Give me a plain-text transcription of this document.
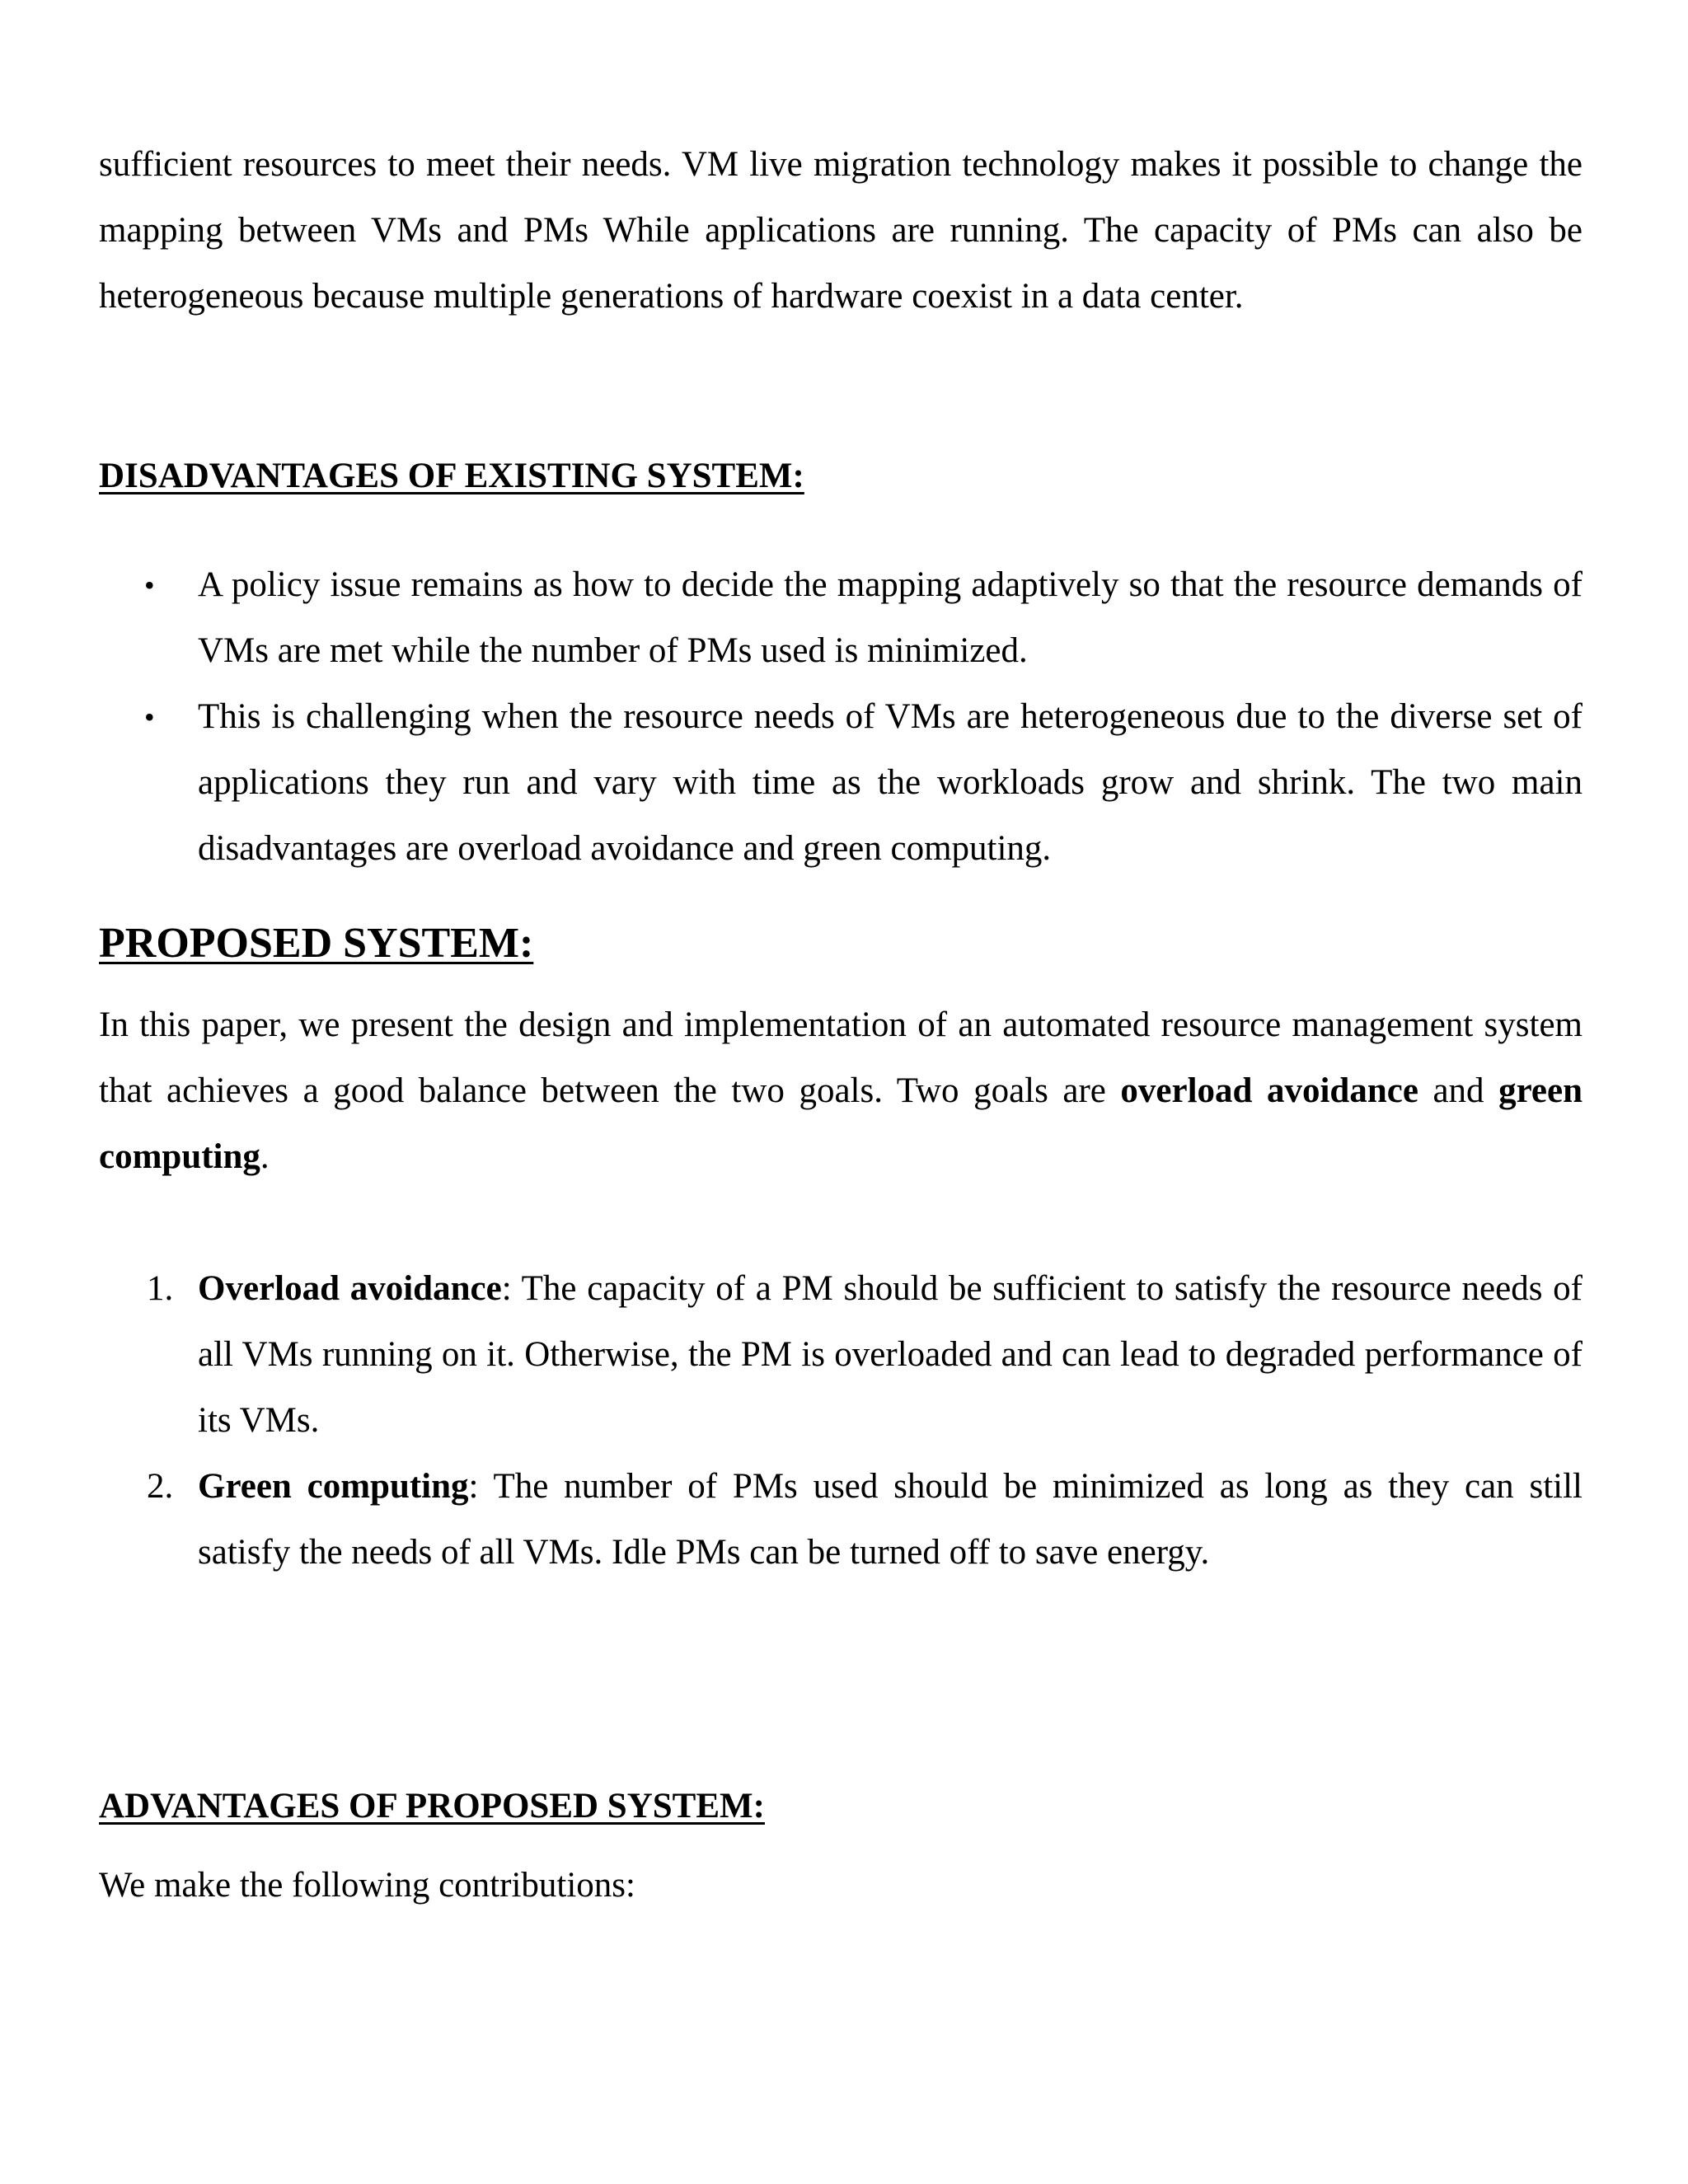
sufficient resources to meet their needs. VM live migration technology makes it possible to change the mapping between VMs and PMs While applications are running. The capacity of PMs can also be heterogeneous because multiple generations of hardware coexist in a data center.

DISADVANTAGES OF EXISTING SYSTEM:
• A policy issue remains as how to decide the mapping adaptively so that the resource demands of VMs are met while the number of PMs used is minimized.
• This is challenging when the resource needs of VMs are heterogeneous due to the diverse set of applications they run and vary with time as the workloads grow and shrink. The two main disadvantages are overload avoidance and green computing.
PROPOSED SYSTEM:

In this paper, we present the design and implementation of an automated resource management system that achieves a good balance between the two goals. Two goals are overload avoidance and green computing.

1. Overload avoidance: The capacity of a PM should be sufficient to satisfy the resource needs of all VMs running on it. Otherwise, the PM is overloaded and can lead to degraded performance of its VMs.
2. Green computing: The number of PMs used should be minimized as long as they can still satisfy the needs of all VMs. Idle PMs can be turned off to save energy.
ADVANTAGES OF PROPOSED SYSTEM:

We make the following contributions:
